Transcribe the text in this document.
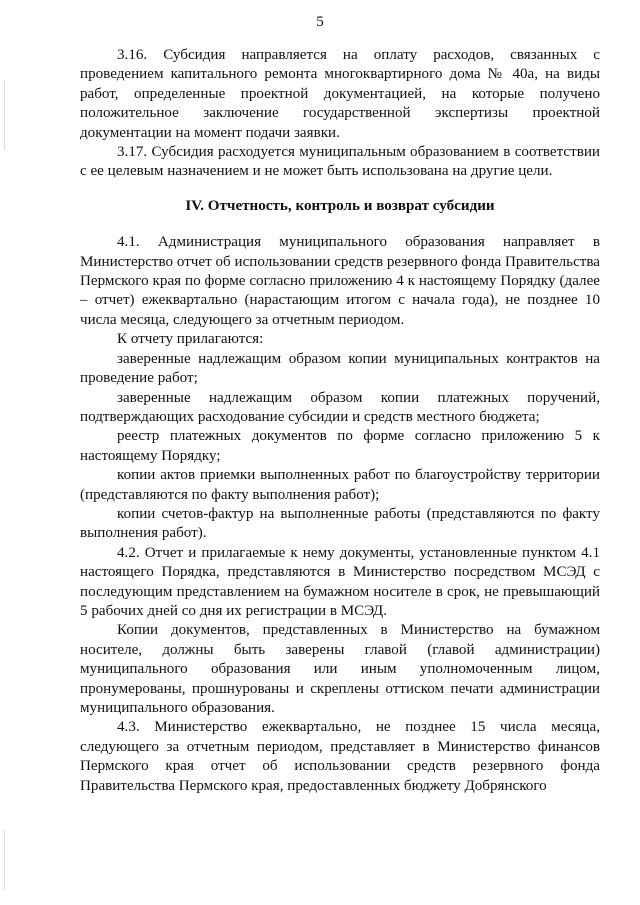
5

3.16. Субсидия направляется на оплату расходов, связанных с проведением капитального ремонта многоквартирного дома № 40а, на виды работ, определенные проектной документацией, на которые получено положительное заключение государственной экспертизы проектной документации на момент подачи заявки.

3.17. Субсидия расходуется муниципальным образованием в соответствии с ее целевым назначением и не может быть использована на другие цели.

IV. Отчетность, контроль и возврат субсидии

4.1. Администрация муниципального образования направляет в Министерство отчет об использовании средств резервного фонда Правительства Пермского края по форме согласно приложению 4 к настоящему Порядку (далее – отчет) ежеквартально (нарастающим итогом с начала года), не позднее 10 числа месяца, следующего за отчетным периодом.

К отчету прилагаются:

заверенные надлежащим образом копии муниципальных контрактов на проведение работ;

заверенные надлежащим образом копии платежных поручений, подтверждающих расходование субсидии и средств местного бюджета;

реестр платежных документов по форме согласно приложению 5 к настоящему Порядку;

копии актов приемки выполненных работ по благоустройству территории (представляются по факту выполнения работ);

копии счетов-фактур на выполненные работы (представляются по факту выполнения работ).

4.2. Отчет и прилагаемые к нему документы, установленные пунктом 4.1 настоящего Порядка, представляются в Министерство посредством МСЭД с последующим представлением на бумажном носителе в срок, не превышающий 5 рабочих дней со дня их регистрации в МСЭД.

Копии документов, представленных в Министерство на бумажном носителе, должны быть заверены главой (главой администрации) муниципального образования или иным уполномоченным лицом, пронумерованы, прошнурованы и скреплены оттиском печати администрации муниципального образования.

4.3. Министерство ежеквартально, не позднее 15 числа месяца, следующего за отчетным периодом, представляет в Министерство финансов Пермского края отчет об использовании средств резервного фонда Правительства Пермского края, предоставленных бюджету Добрянского
